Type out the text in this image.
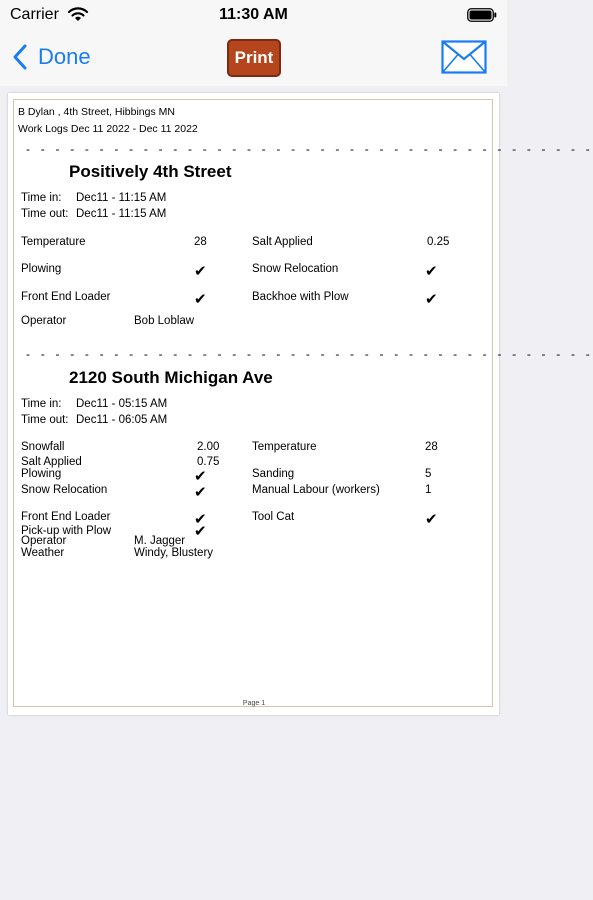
Carrier	11:30 AM
Done	Print
B Dylan , 4th Street, Hibbings MN
Work Logs Dec 11 2022 - Dec 11 2022
- - - - - - - - - - - - - - - - - - - - - - - - - - - - - - - - - - - - - - -
Positively 4th Street
Time in: Dec11 - 11:15 AM
Time out: Dec11 - 11:15 AM
Temperature	28	Salt Applied	0.25
Plowing	✔	Snow Relocation	✔
Front End Loader	✔	Backhoe with Plow	✔
Operator	Bob Loblaw
- - - - - - - - - - - - - - - - - - - - - - - - - - - - - - - - - - - - - - -
2120 South Michigan Ave
Time in: Dec11 - 05:15 AM
Time out: Dec11 - 06:05 AM
Snowfall	2.00	Temperature	28
Salt Applied	0.75
Plowing	✔	Sanding	5
Snow Relocation	✔	Manual Labour (workers)	1
Front End Loader	✔	Tool Cat	✔
Pick-up with Plow	✔
Operator	M. Jagger
Weather	Windy, Blustery
Page 1
